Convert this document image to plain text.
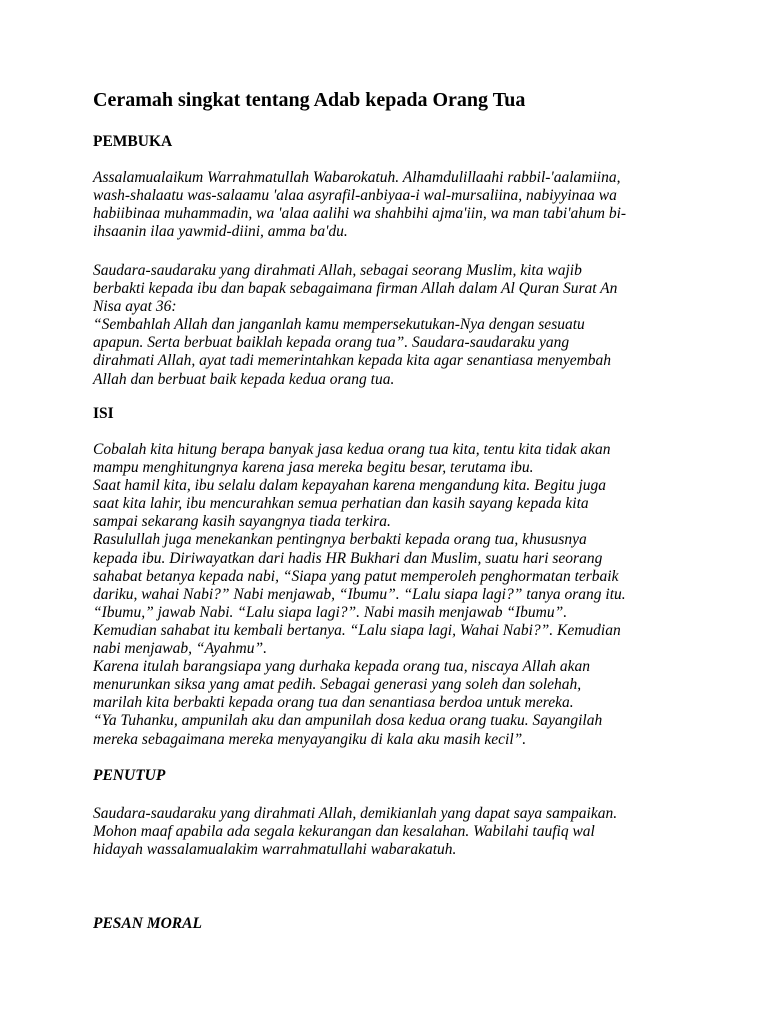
Ceramah singkat tentang Adab kepada Orang Tua
PEMBUKA
Assalamualaikum Warrahmatullah Wabarokatuh. Alhamdulillaahi rabbil-'aalamiina,
wash-shalaatu was-salaamu 'alaa asyrafil-anbiyaa-i wal-mursaliina, nabiyyinaa wa
habiibinaa muhammadin, wa 'alaa aalihi wa shahbihi ajma'iin, wa man tabi'ahum bi-
ihsaanin ilaa yawmid-diini, amma ba'du.
Saudara-saudaraku yang dirahmati Allah, sebagai seorang Muslim, kita wajib
berbakti kepada ibu dan bapak sebagaimana firman Allah dalam Al Quran Surat An
Nisa ayat 36:
“Sembahlah Allah dan janganlah kamu mempersekutukan-Nya dengan sesuatu
apapun. Serta berbuat baiklah kepada orang tua”. Saudara-saudaraku yang
dirahmati Allah, ayat tadi memerintahkan kepada kita agar senantiasa menyembah
Allah dan berbuat baik kepada kedua orang tua.
ISI
Cobalah kita hitung berapa banyak jasa kedua orang tua kita, tentu kita tidak akan
mampu menghitungnya karena jasa mereka begitu besar, terutama ibu.
Saat hamil kita, ibu selalu dalam kepayahan karena mengandung kita. Begitu juga
saat kita lahir, ibu mencurahkan semua perhatian dan kasih sayang kepada kita
sampai sekarang kasih sayangnya tiada terkira.
Rasulullah juga menekankan pentingnya berbakti kepada orang tua, khususnya
kepada ibu. Diriwayatkan dari hadis HR Bukhari dan Muslim, suatu hari seorang
sahabat betanya kepada nabi, “Siapa yang patut memperoleh penghormatan terbaik
dariku, wahai Nabi?” Nabi menjawab, “Ibumu”. “Lalu siapa lagi?” tanya orang itu.
“Ibumu,” jawab Nabi. “Lalu siapa lagi?”. Nabi masih menjawab “Ibumu”.
Kemudian sahabat itu kembali bertanya. “Lalu siapa lagi, Wahai Nabi?”. Kemudian
nabi menjawab, “Ayahmu”.
Karena itulah barangsiapa yang durhaka kepada orang tua, niscaya Allah akan
menurunkan siksa yang amat pedih. Sebagai generasi yang soleh dan solehah,
marilah kita berbakti kepada orang tua dan senantiasa berdoa untuk mereka.
“Ya Tuhanku, ampunilah aku dan ampunilah dosa kedua orang tuaku. Sayangilah
mereka sebagaimana mereka menyayangiku di kala aku masih kecil”.
PENUTUP
Saudara-saudaraku yang dirahmati Allah, demikianlah yang dapat saya sampaikan.
Mohon maaf apabila ada segala kekurangan dan kesalahan. Wabilahi taufiq wal
hidayah wassalamualakim warrahmatullahi wabarakatuh.
PESAN MORAL
